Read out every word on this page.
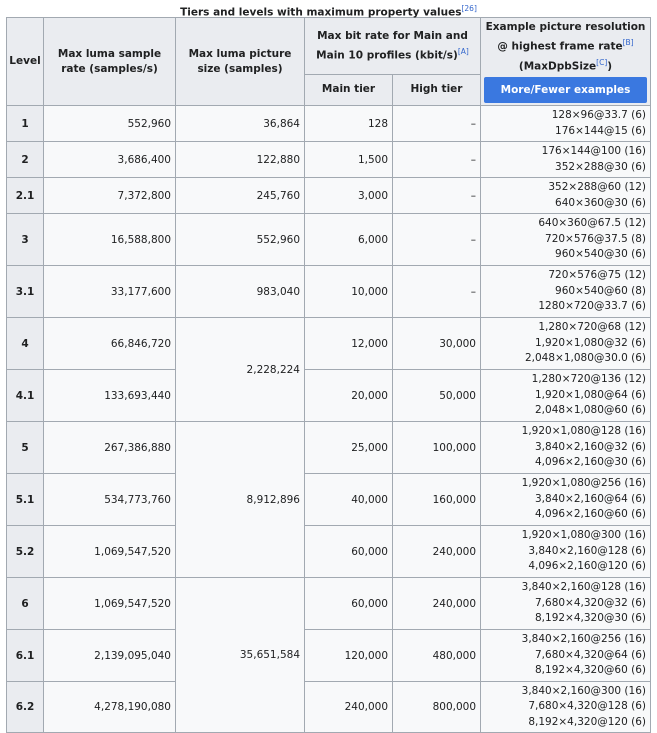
Tiers and levels with maximum property values[26]
Level	Max luma sample rate (samples/s)	Max luma picture size (samples)	Max bit rate for Main and Main 10 profiles (kbit/s)[A]		Example picture resolution @ highest frame rate[B]
(MaxDpbSize[C])
More/Fewer examples

			Main tier	High tier	
1	552,960	36,864	128	–	128×96@33.7 (6)
176×144@15 (6)

2	3,686,400	122,880	1,500	–	176×144@100 (16)
352×288@30 (6)

2.1	7,372,800	245,760	3,000	–	352×288@60 (12)
640×360@30 (6)

3	16,588,800	552,960	6,000	–	640×360@67.5 (12)
720×576@37.5 (8)
960×540@30 (6)

3.1	33,177,600	983,040	10,000	–	720×576@75 (12)
960×540@60 (8)
1280×720@33.7 (6)

4	66,846,720	2,228,224	12,000	30,000	1,280×720@68 (12)
1,920×1,080@32 (6)
2,048×1,080@30.0 (6)

4.1	133,693,440		20,000	50,000	1,280×720@136 (12)
1,920×1,080@64 (6)
2,048×1,080@60 (6)

5	267,386,880	8,912,896	25,000	100,000	1,920×1,080@128 (16)
3,840×2,160@32 (6)
4,096×2,160@30 (6)

5.1	534,773,760		40,000	160,000	1,920×1,080@256 (16)
3,840×2,160@64 (6)
4,096×2,160@60 (6)

5.2	1,069,547,520		60,000	240,000	1,920×1,080@300 (16)
3,840×2,160@128 (6)
4,096×2,160@120 (6)

6	1,069,547,520	35,651,584	60,000	240,000	3,840×2,160@128 (16)
7,680×4,320@32 (6)
8,192×4,320@30 (6)

6.1	2,139,095,040		120,000	480,000	3,840×2,160@256 (16)
7,680×4,320@64 (6)
8,192×4,320@60 (6)

6.2	4,278,190,080		240,000	800,000	3,840×2,160@300 (16)
7,680×4,320@128 (6)
8,192×4,320@120 (6)
